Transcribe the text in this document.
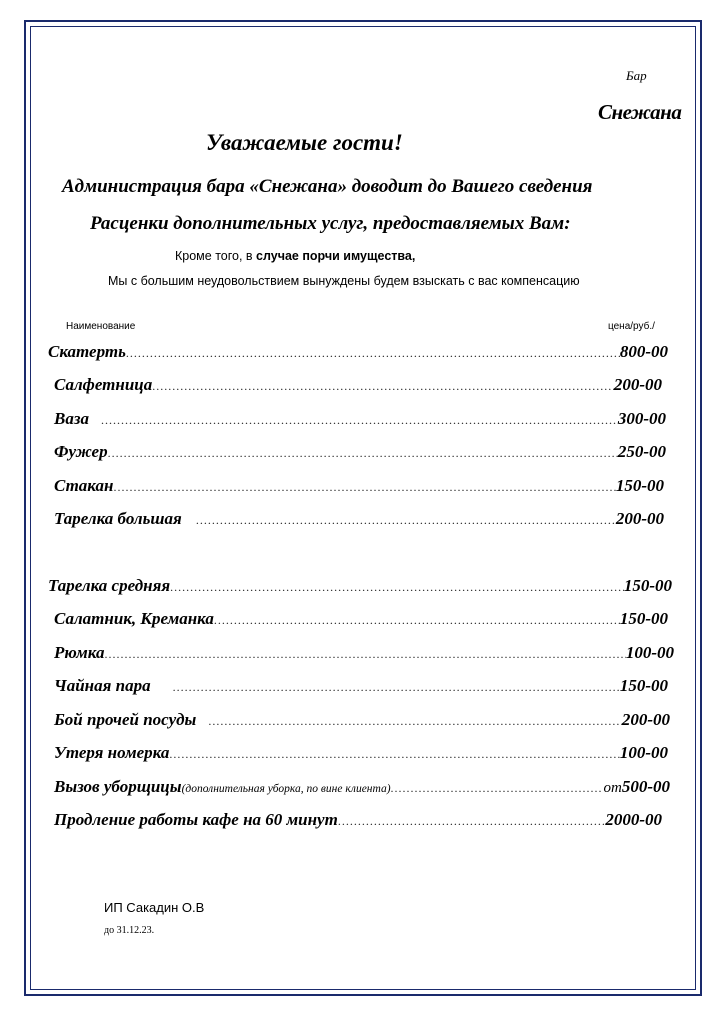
Бар
Снежана
Уважаемые гости!
Администрация бара «Снежана» доводит до Вашего сведения
Расценки дополнительных услуг, предоставляемых Вам:
Кроме того, в случае порчи имущества,
Мы с большим неудовольствием вынуждены будем взыскать с вас компенсацию
Наименование	цена/руб./
Скатерть .....	800-00
Салфетница .....	200-00
Ваза .....	300-00
Фужер .....	250-00
Стакан .....	150-00
Тарелка большая .....	200-00
Тарелка средняя .....	150-00
Салатник, Креманка .....	150-00
Рюмка .....	100-00
Чайная пара .....	150-00
Бой прочей посуды .....	200-00
Утеря номерка .....	100-00
Вызов уборщицы (дополнительная уборка, по вине клиента) .....	от 500-00
Продление работы кафе на 60 минут .....	2000-00
ИП Сакадин О.В
до 31.12.23.
